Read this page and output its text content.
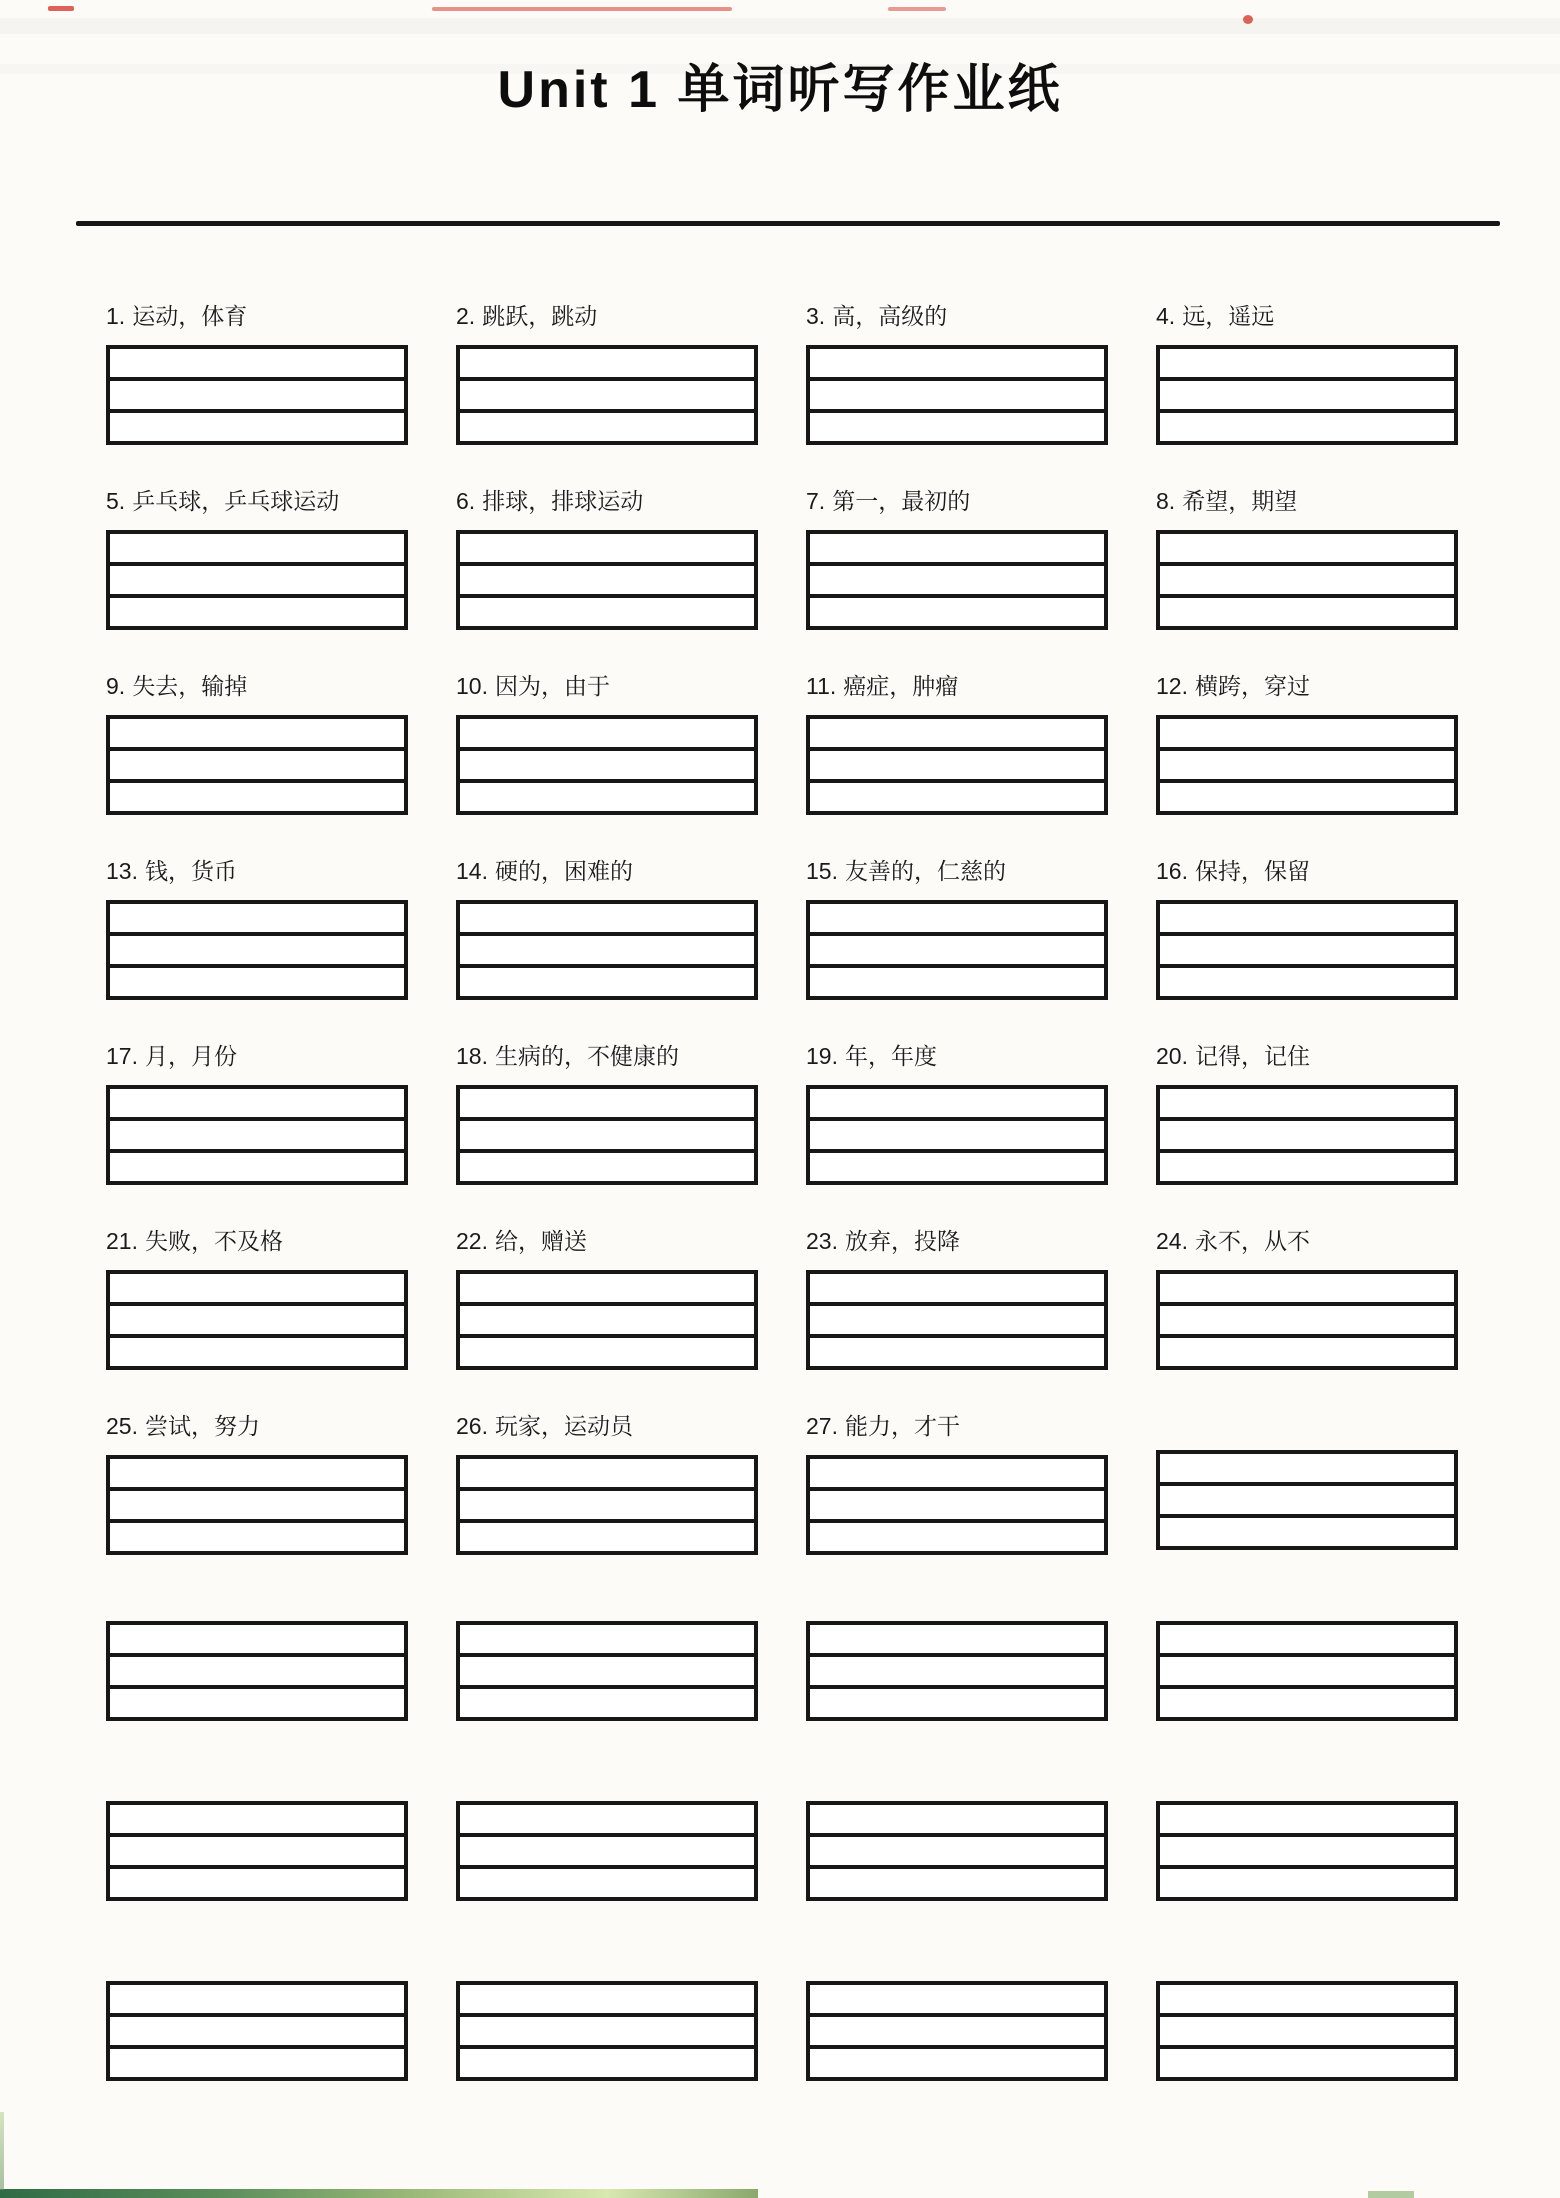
Unit 1 单词听写作业纸
1. 运动，体育	2. 跳跃，跳动	3. 高，高级的	4. 远，遥远
5. 乒乓球，乒乓球运动	6. 排球，排球运动	7. 第一，最初的	8. 希望，期望
9. 失去，输掉	10. 因为，由于	11. 癌症，肿瘤	12. 横跨，穿过
13. 钱，货币	14. 硬的，困难的	15. 友善的，仁慈的	16. 保持，保留
17. 月，月份	18. 生病的，不健康的	19. 年，年度	20. 记得，记住
21. 失败，不及格	22. 给，赠送	23. 放弃，投降	24. 永不，从不
25. 尝试，努力	26. 玩家，运动员	27. 能力，才干
